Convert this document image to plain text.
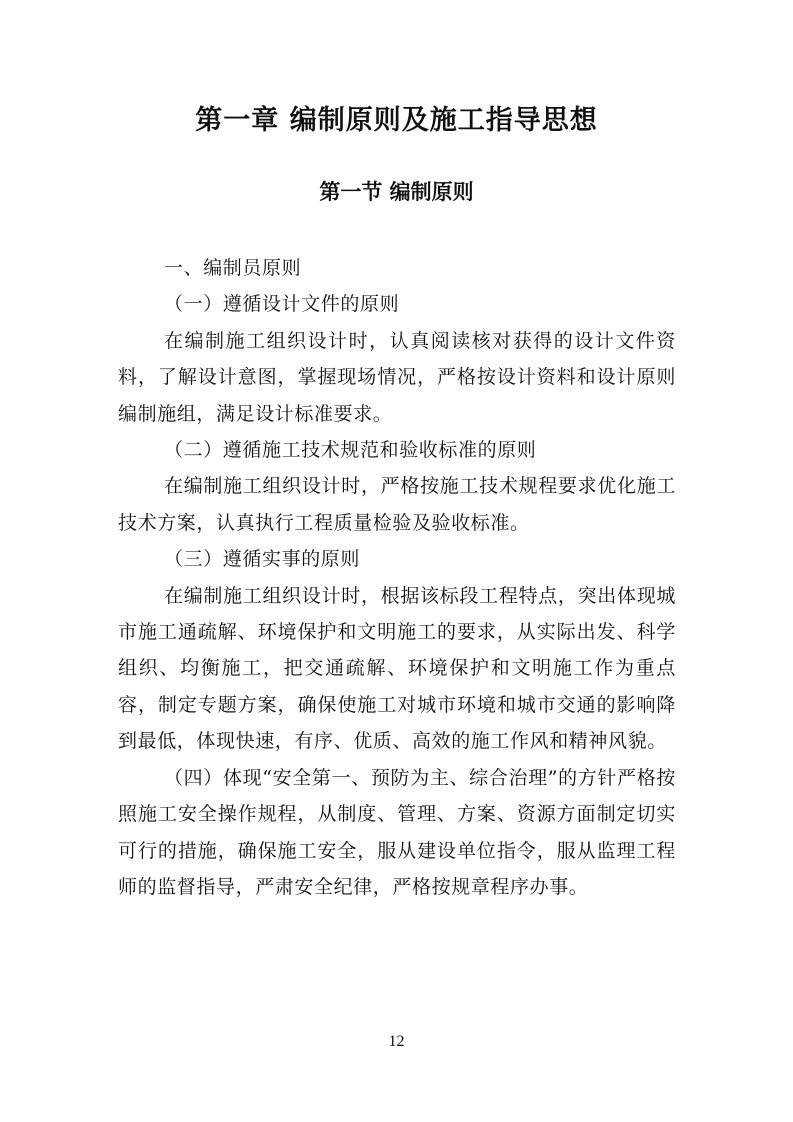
第一章 编制原则及施工指导思想
第一节 编制原则

一、编制员原则

（一）遵循设计文件的原则

在编制施工组织设计时，认真阅读核对获得的设计文件资料，了解设计意图，掌握现场情况，严格按设计资料和设计原则编制施组，满足设计标准要求。

（二）遵循施工技术规范和验收标准的原则

在编制施工组织设计时，严格按施工技术规程要求优化施工技术方案，认真执行工程质量检验及验收标准。

（三）遵循实事的原则

在编制施工组织设计时，根据该标段工程特点，突出体现城市施工通疏解、环境保护和文明施工的要求，从实际出发、科学组织、均衡施工，把交通疏解、环境保护和文明施工作为重点容，制定专题方案，确保使施工对城市环境和城市交通的影响降到最低，体现快速，有序、优质、高效的施工作风和精神风貌。

（四）体现“安全第一、预防为主、综合治理”的方针严格按照施工安全操作规程，从制度、管理、方案、资源方面制定切实可行的措施，确保施工安全，服从建设单位指令，服从监理工程师的监督指导，严肃安全纪律，严格按规章程序办事。

12
